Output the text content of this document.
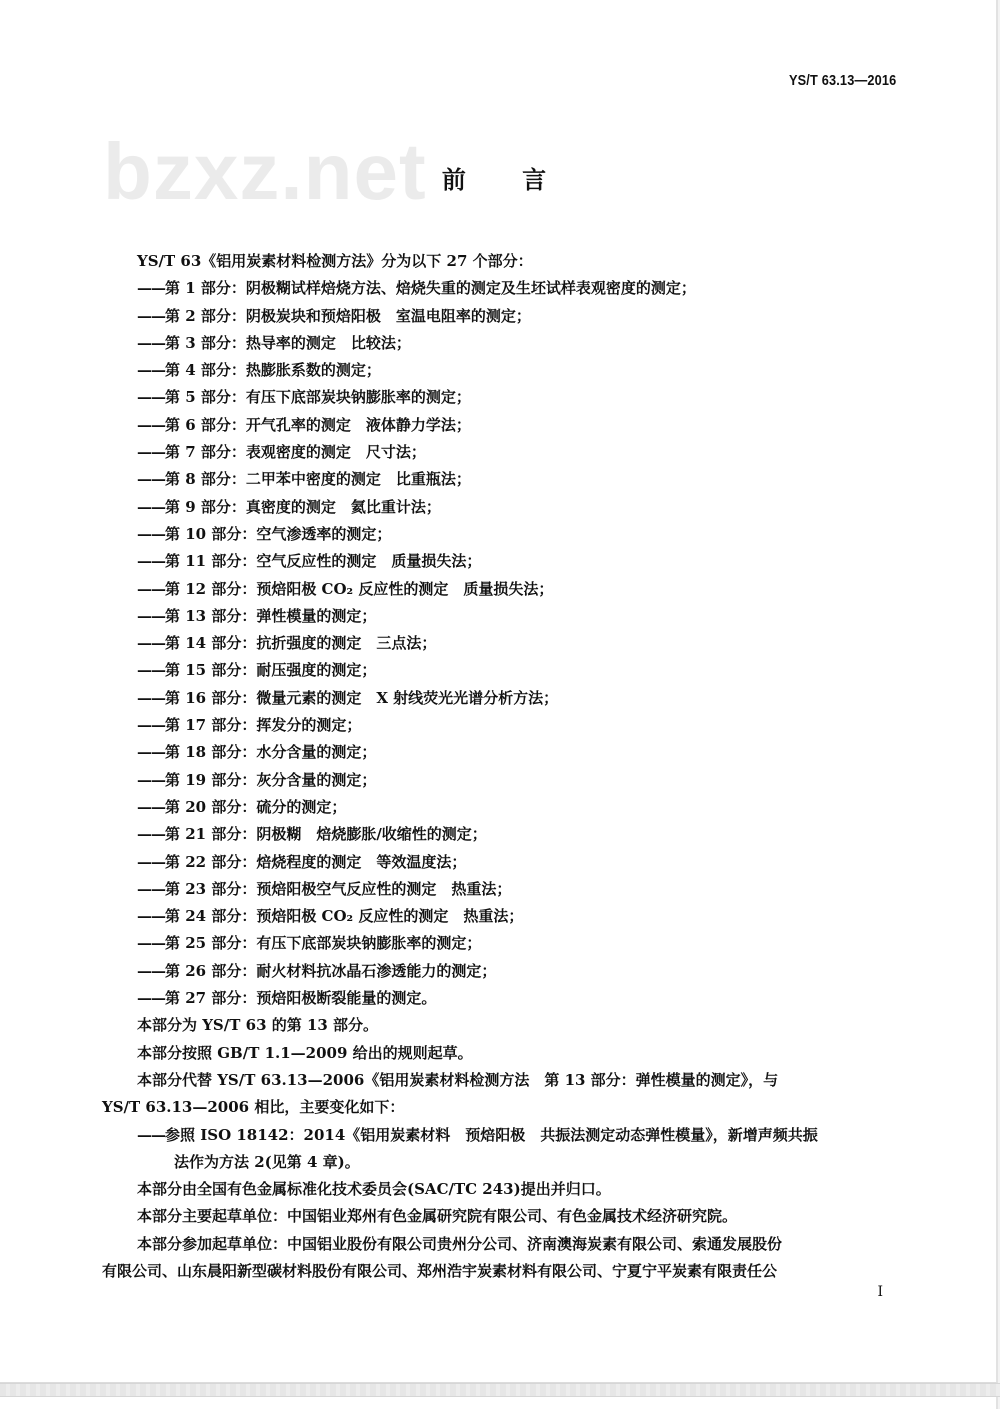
YS/T 63.13—2016
bzxz.net 前 言
YS/T 63《铝用炭素材料检测方法》分为以下 27 个部分：
——第 1 部分：阴极糊试样焙烧方法、焙烧失重的测定及生坯试样表观密度的测定；
——第 2 部分：阴极炭块和预焙阳极　室温电阻率的测定；
——第 3 部分：热导率的测定　比较法；
——第 4 部分：热膨胀系数的测定；
——第 5 部分：有压下底部炭块钠膨胀率的测定；
——第 6 部分：开气孔率的测定　液体静力学法；
——第 7 部分：表观密度的测定　尺寸法；
——第 8 部分：二甲苯中密度的测定　比重瓶法；
——第 9 部分：真密度的测定　氦比重计法；
——第 10 部分：空气渗透率的测定；
——第 11 部分：空气反应性的测定　质量损失法；
——第 12 部分：预焙阳极 CO₂ 反应性的测定　质量损失法；
——第 13 部分：弹性模量的测定；
——第 14 部分：抗折强度的测定　三点法；
——第 15 部分：耐压强度的测定；
——第 16 部分：微量元素的测定　X 射线荧光光谱分析方法；
——第 17 部分：挥发分的测定；
——第 18 部分：水分含量的测定；
——第 19 部分：灰分含量的测定；
——第 20 部分：硫分的测定；
——第 21 部分：阴极糊　焙烧膨胀/收缩性的测定；
——第 22 部分：焙烧程度的测定　等效温度法；
——第 23 部分：预焙阳极空气反应性的测定　热重法；
——第 24 部分：预焙阳极 CO₂ 反应性的测定　热重法；
——第 25 部分：有压下底部炭块钠膨胀率的测定；
——第 26 部分：耐火材料抗冰晶石渗透能力的测定；
——第 27 部分：预焙阳极断裂能量的测定。
本部分为 YS/T 63 的第 13 部分。
本部分按照 GB/T 1.1—2009 给出的规则起草。
本部分代替 YS/T 63.13—2006《铝用炭素材料检测方法　第 13 部分：弹性模量的测定》，与
YS/T 63.13—2006 相比，主要变化如下：
——参照 ISO 18142：2014《铝用炭素材料　预焙阳极　共振法测定动态弹性模量》，新增声频共振
法作为方法 2(见第 4 章)。
本部分由全国有色金属标准化技术委员会(SAC/TC 243)提出并归口。
本部分主要起草单位：中国铝业郑州有色金属研究院有限公司、有色金属技术经济研究院。
本部分参加起草单位：中国铝业股份有限公司贵州分公司、济南澳海炭素有限公司、索通发展股份
有限公司、山东晨阳新型碳材料股份有限公司、郑州浩宇炭素材料有限公司、宁夏宁平炭素有限责任公
I
